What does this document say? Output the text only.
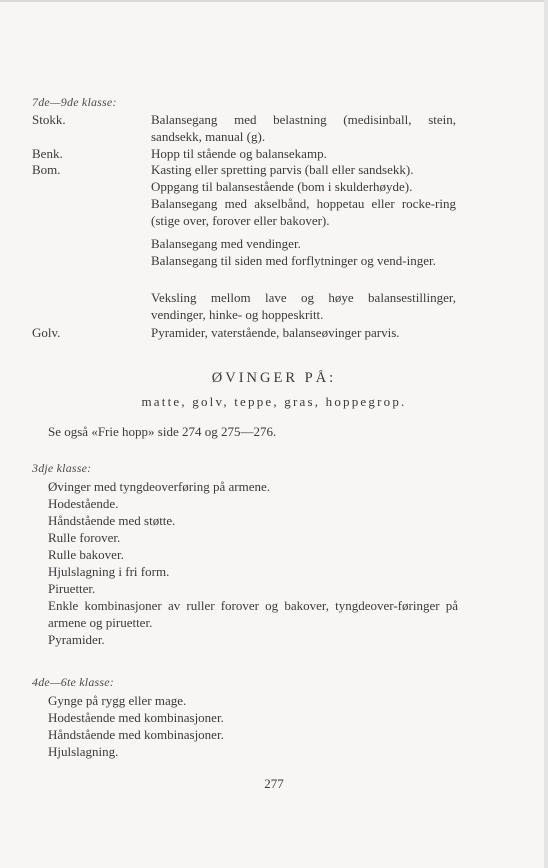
7de—9de klasse:
Stokk.
Benk.
Bom.
Golv.
Balansegang med belastning (medisinball, stein, sandsekk, manual (g).
Hopp til stående og balansekamp.
Kasting eller spretting parvis (ball eller sandsekk).
Oppgang til balansestående (bom i skulderhøyde).
Balansegang med akselbånd, hoppetau eller rocke-ring (stige over, forover eller bakover).
Balansegang med vendinger.
Balansegang til siden med forflytninger og vend-inger.
Veksling mellom lave og høye balansestillinger, vendinger, hinke- og hoppeskritt.
Pyramider, vaterstående, balanseøvinger parvis.
ØVINGER PÅ:
matte, golv, teppe, gras, hoppegrop.
Se også «Frie hopp» side 274 og 275—276.
3dje klasse:
Øvinger med tyngdeoverføring på armene.
Hodestående.
Håndstående med støtte.
Rulle forover.
Rulle bakover.
Hjulslagning i fri form.
Piruetter.
Enkle kombinasjoner av ruller forover og bakover, tyngdeover-føringer på armene og piruetter.
Pyramider.
4de—6te klasse:
Gynge på rygg eller mage.
Hodestående med kombinasjoner.
Håndstående med kombinasjoner.
Hjulslagning.
277
